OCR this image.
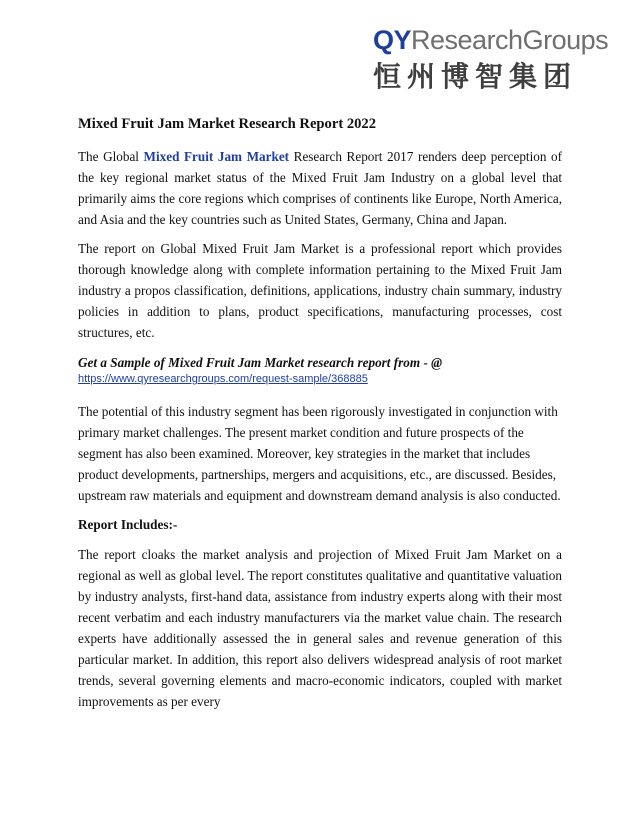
QYResearchGroups
恒州博智集团

Mixed Fruit Jam Market Research Report 2022

The Global Mixed Fruit Jam Market Research Report 2017 renders deep perception of the key regional market status of the Mixed Fruit Jam Industry on a global level that primarily aims the core regions which comprises of continents like Europe, North America, and Asia and the key countries such as United States, Germany, China and Japan.

The report on Global Mixed Fruit Jam Market is a professional report which provides thorough knowledge along with complete information pertaining to the Mixed Fruit Jam industry a propos classification, definitions, applications, industry chain summary, industry policies in addition to plans, product specifications, manufacturing processes, cost structures, etc.

Get a Sample of Mixed Fruit Jam Market research report from - @

https://www.qyresearchgroups.com/request-sample/368885

The potential of this industry segment has been rigorously investigated in conjunction with primary market challenges. The present market condition and future prospects of the segment has also been examined. Moreover, key strategies in the market that includes product developments, partnerships, mergers and acquisitions, etc., are discussed. Besides, upstream raw materials and equipment and downstream demand analysis is also conducted.

Report Includes:-

The report cloaks the market analysis and projection of Mixed Fruit Jam Market on a regional as well as global level. The report constitutes qualitative and quantitative valuation by industry analysts, first-hand data, assistance from industry experts along with their most recent verbatim and each industry manufacturers via the market value chain. The research experts have additionally assessed the in general sales and revenue generation of this particular market. In addition, this report also delivers widespread analysis of root market trends, several governing elements and macro-economic indicators, coupled with market improvements as per every
